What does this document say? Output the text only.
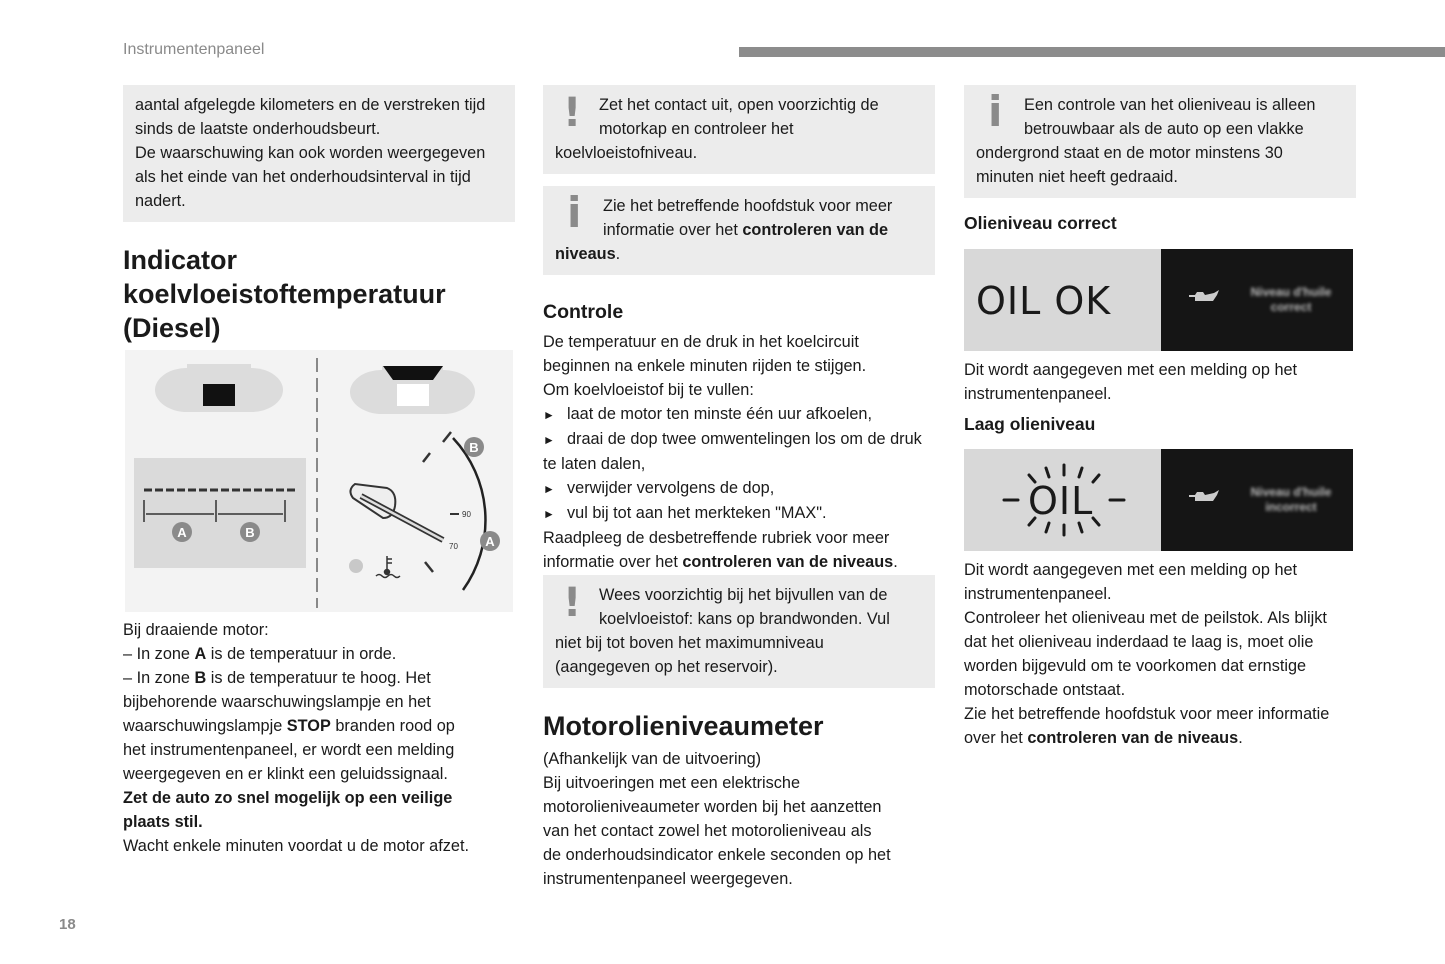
Instrumentenpaneel
18

aantal afgelegde kilometers en de verstreken tijd

sinds de laatste onderhoudsbeurt.

De waarschuwing kan ook worden weergegeven

als het einde van het onderhoudsinterval in tijd

nadert.

Indicator
koelvloeistoftemperatuur
(Diesel)
A	B
90
70
B
A

Bij draaiende motor:

– In zone A is de temperatuur in orde.

– In zone B is de temperatuur te hoog. Het

bijbehorende waarschuwingslampje en het

waarschuwingslampje STOP branden rood op

het instrumentenpaneel, er wordt een melding

weergegeven en er klinkt een geluidssignaal.

Zet de auto zo snel mogelijk op een veilige

plaats stil.

Wacht enkele minuten voordat u de motor afzet.

!	Zet het contact uit, open voorzichtig de

motorkap en controleer het

koelvloeistofniveau.

i	Zie het betreffende hoofdstuk voor meer

informatie over het controleren van de

niveaus.

Controle

De temperatuur en de druk in het koelcircuit

beginnen na enkele minuten rijden te stijgen.

Om koelvloeistof bij te vullen:

► laat de motor ten minste één uur afkoelen,

► draai de dop twee omwentelingen los om de druk

te laten dalen,

► verwijder vervolgens de dop,

► vul bij tot aan het merkteken "MAX".

Raadpleeg de desbetreffende rubriek voor meer

informatie over het controleren van de niveaus.

!	Wees voorzichtig bij het bijvullen van de

koelvloeistof: kans op brandwonden. Vul

niet bij tot boven het maximumniveau

(aangegeven op het reservoir).

Motorolieniveaumeter

(Afhankelijk van de uitvoering)

Bij uitvoeringen met een elektrische

motorolieniveaumeter worden bij het aanzetten

van het contact zowel het motorolieniveau als

de onderhoudsindicator enkele seconden op het

instrumentenpaneel weergegeven.

i	Een controle van het olieniveau is alleen

betrouwbaar als de auto op een vlakke

ondergrond staat en de motor minstens 30

minuten niet heeft gedraaid.

Olieniveau correct
OIL OK	Niveau d'huile correct

Dit wordt aangegeven met een melding op het

instrumentenpaneel.

Laag olieniveau
OIL	Niveau d'huile incorrect

Dit wordt aangegeven met een melding op het

instrumentenpaneel.

Controleer het olieniveau met de peilstok. Als blijkt

dat het olieniveau inderdaad te laag is, moet olie

worden bijgevuld om te voorkomen dat ernstige

motorschade ontstaat.

Zie het betreffende hoofdstuk voor meer informatie

over het controleren van de niveaus.
